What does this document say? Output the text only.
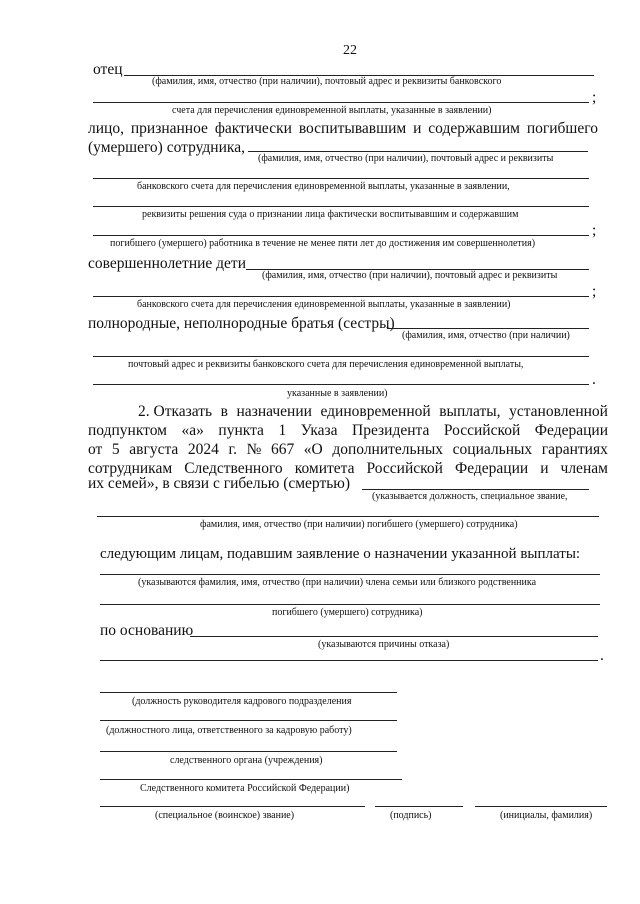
22
отец
(фамилия, имя, отчество (при наличии), почтовый адрес и реквизиты банковского
;
счета для перечисления единовременной выплаты, указанные в заявлении)
лицо, признанное фактически воспитывавшим и содержавшим погибшего
(умершего) сотрудника,
(фамилия, имя, отчество (при наличии), почтовый адрес и реквизиты
банковского счета для перечисления единовременной выплаты, указанные в заявлении,
реквизиты решения суда о признании лица фактически воспитывавшим и содержавшим
;
погибшего (умершего) работника в течение не менее пяти лет до достижения им совершеннолетия)
совершеннолетние дети
(фамилия, имя, отчество (при наличии), почтовый адрес и реквизиты
;
банковского счета для перечисления единовременной выплаты, указанные в заявлении)
полнородные, неполнородные братья (сестры)
(фамилия, имя, отчество (при наличии)
почтовый адрес и реквизиты банковского счета для перечисления единовременной выплаты,
.
указанные в заявлении)
2. Отказать в назначении единовременной выплаты, установленной
подпунктом «а» пункта 1 Указа Президента Российской Федерации
от 5 августа 2024 г. № 667 «О дополнительных социальных гарантиях
сотрудникам Следственного комитета Российской Федерации и членам
их семей», в связи с гибелью (смертью)
(указывается должность, специальное звание,
фамилия, имя, отчество (при наличии) погибшего (умершего) сотрудника)
следующим лицам, подавшим заявление о назначении указанной выплаты:
(указываются фамилия, имя, отчество (при наличии) члена семьи или близкого родственника
погибшего (умершего) сотрудника)
по основанию
(указываются причины отказа)
.
(должность руководителя кадрового подразделения
(должностного лица, ответственного за кадровую работу)
следственного органа (учреждения)
Следственного комитета Российской Федерации)
(специальное (воинское) звание)	(подпись)	(инициалы, фамилия)
